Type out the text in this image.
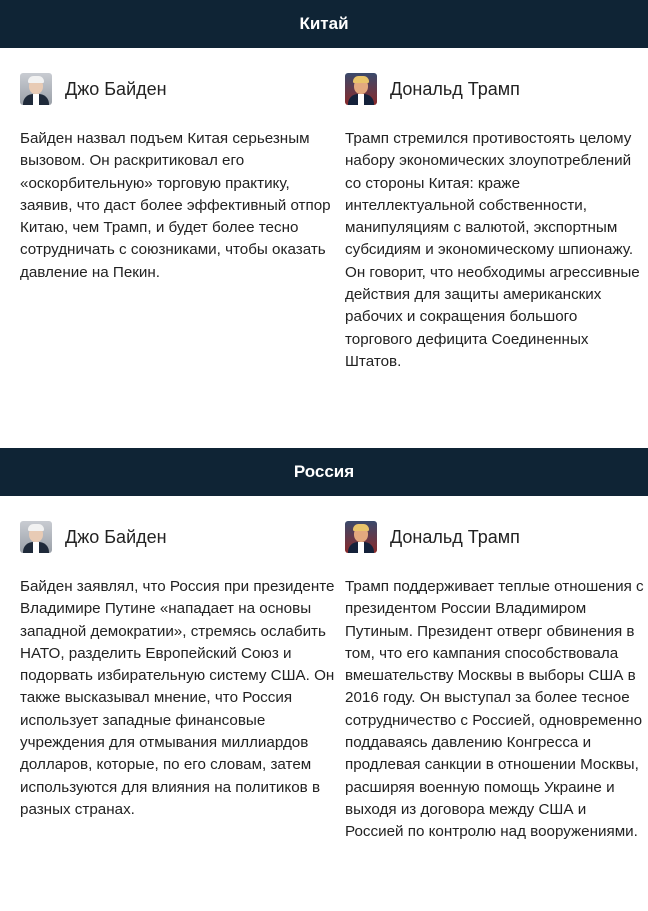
Китай
Джо Байден

Байден назвал подъем Китая серьезным вызовом. Он раскритиковал его «оскорбительную» торговую практику, заявив, что даст более эффективный отпор Китаю, чем Трамп, и будет более тесно сотрудничать с союзниками, чтобы оказать давление на Пекин.

Дональд Трамп

Трамп стремился противостоять целому набору экономических злоупотреблений со стороны Китая: краже интеллектуальной собственности, манипуляциям с валютой, экспортным субсидиям и экономическому шпионажу. Он говорит, что необходимы агрессивные действия для защиты американских рабочих и сокращения большого торгового дефицита Соединенных Штатов.

Россия
Джо Байден

Байден заявлял, что Россия при президенте Владимире Путине «нападает на основы западной демократии», стремясь ослабить НАТО, разделить Европейский Союз и подорвать избирательную систему США. Он также высказывал мнение, что Россия использует западные финансовые учреждения для отмывания миллиардов долларов, которые, по его словам, затем используются для влияния на политиков в разных странах.

Дональд Трамп

Трамп поддерживает теплые отношения с президентом России Владимиром Путиным. Президент отверг обвинения в том, что его кампания способствовала вмешательству Москвы в выборы США в 2016 году. Он выступал за более тесное сотрудничество с Россией, одновременно поддаваясь давлению Конгресса и продлевая санкции в отношении Москвы, расширяя военную помощь Украине и выходя из договора между США и Россией по контролю над вооружениями.
